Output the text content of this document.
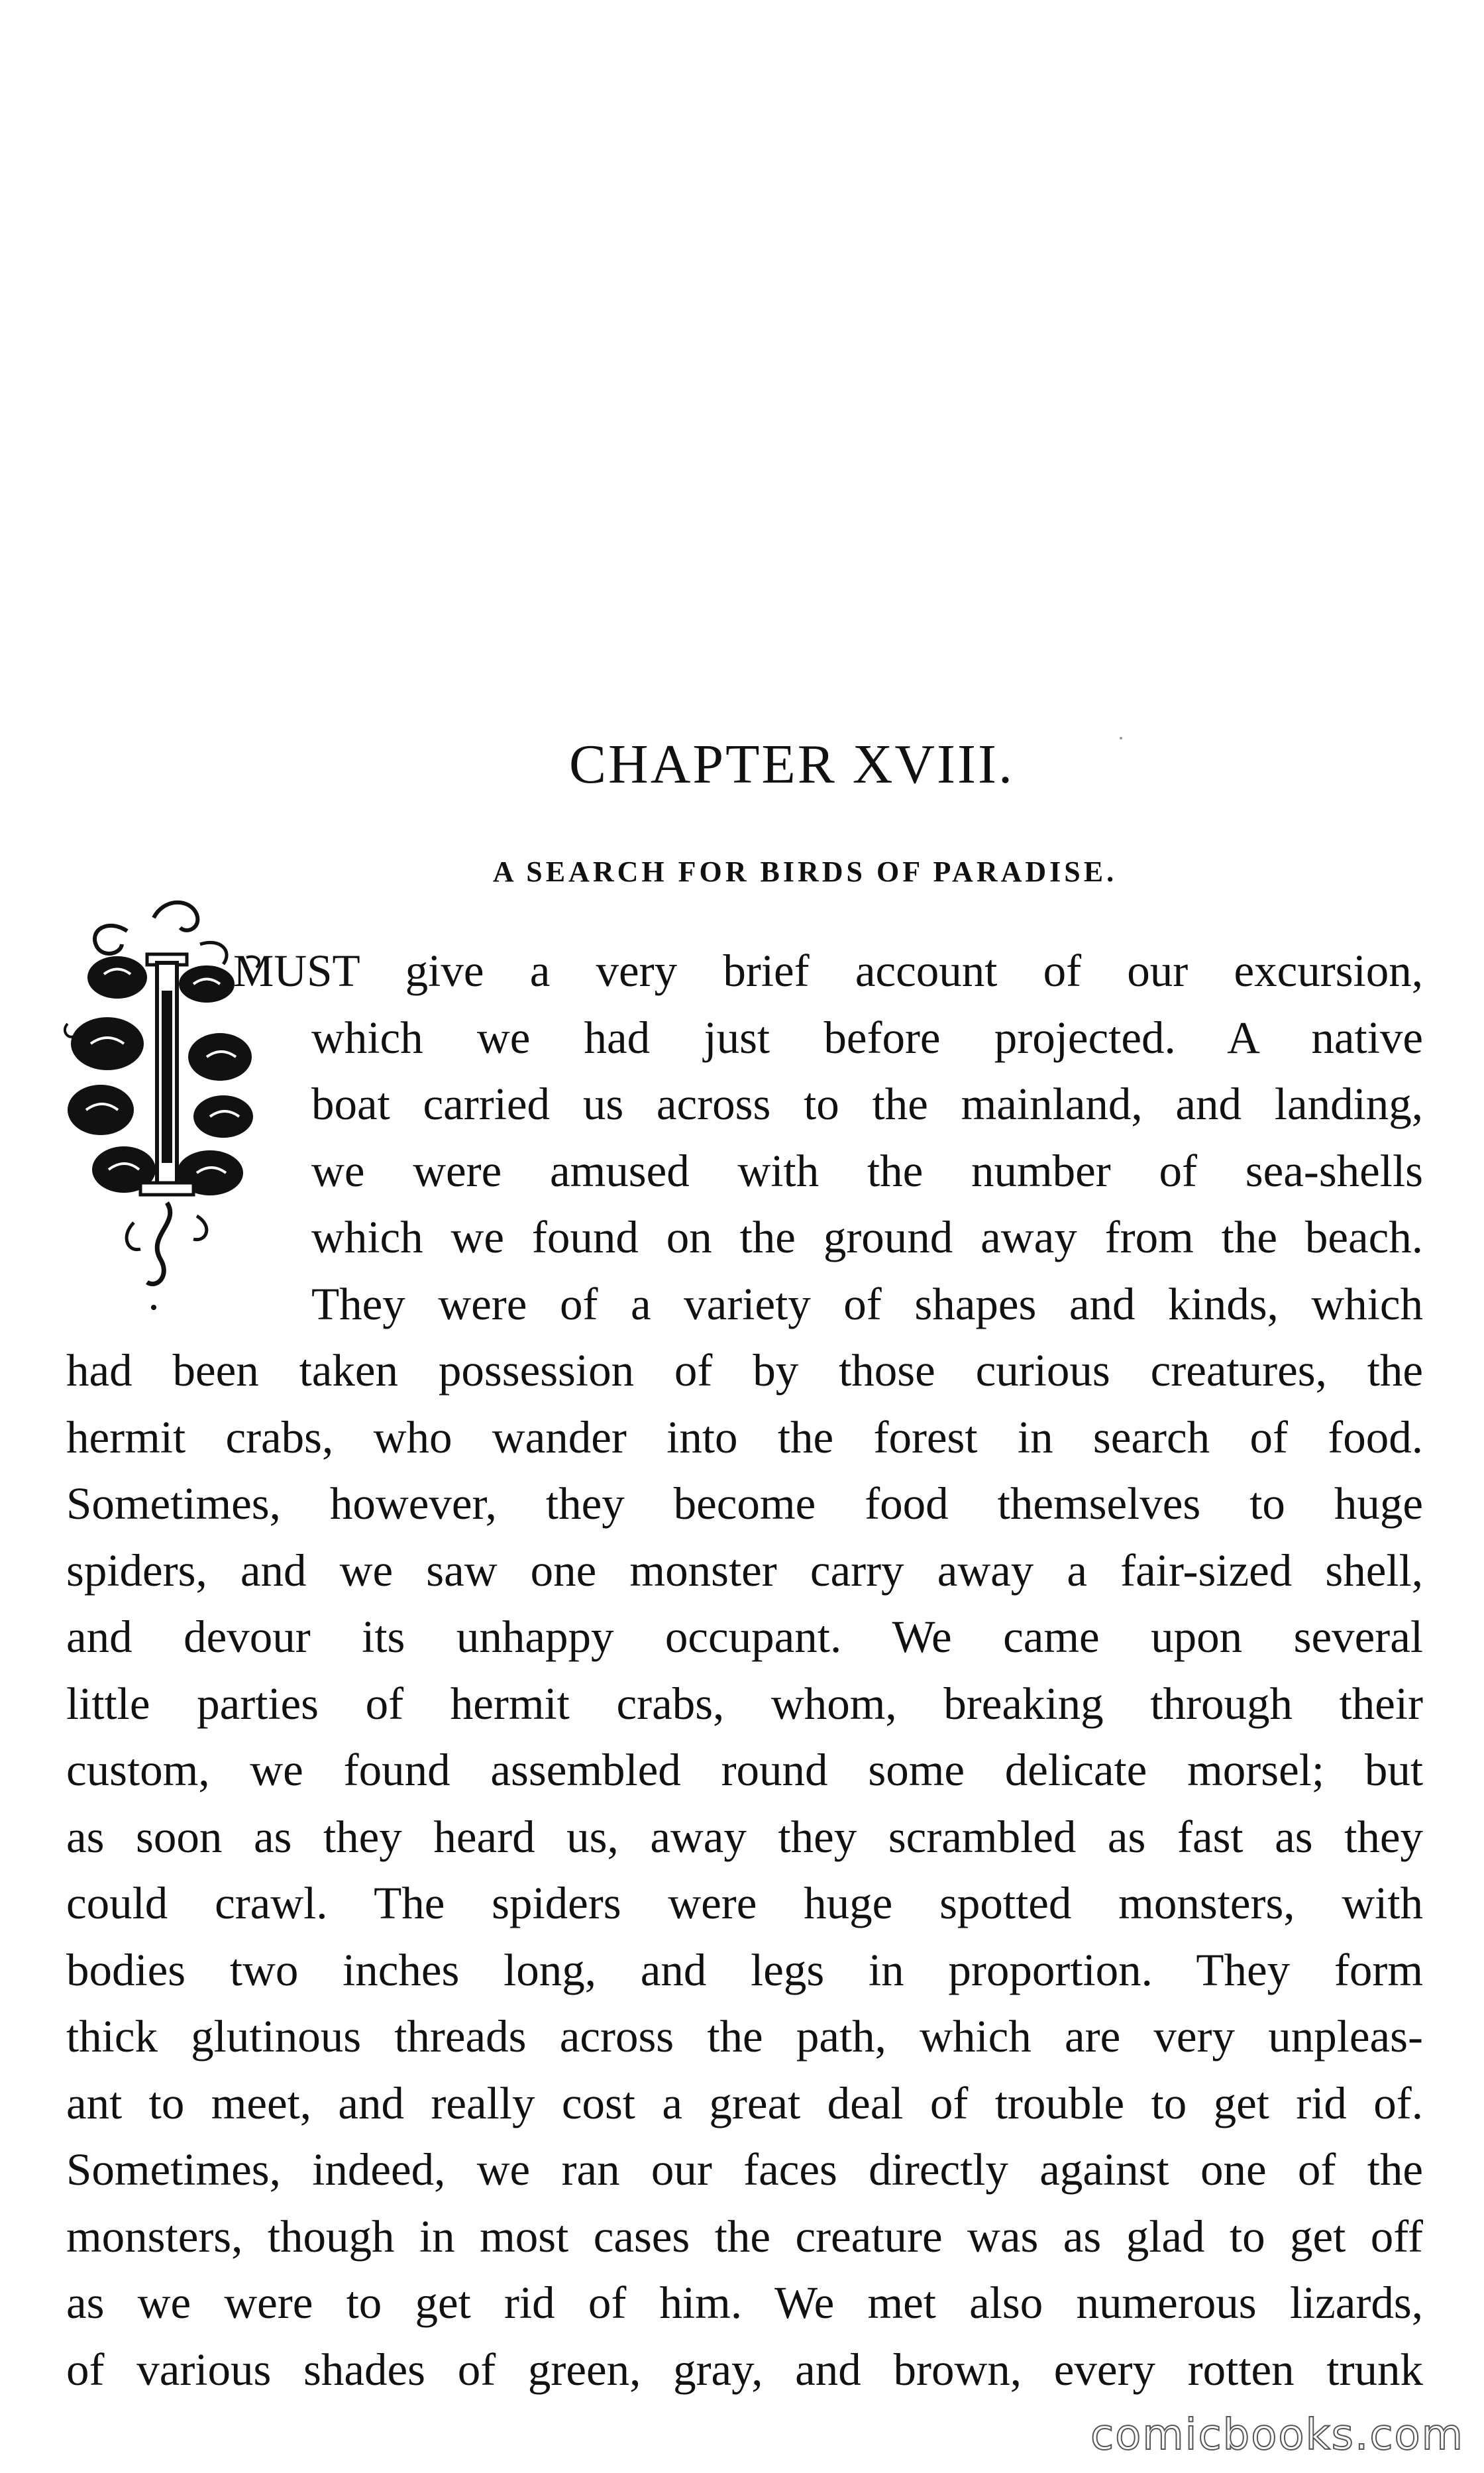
CHAPTER XVIII.
A SEARCH FOR BIRDS OF PARADISE.
MUST give a very brief account of our excursion,
which we had just before projected. A native
boat carried us across to the mainland, and landing,
we were amused with the number of sea-shells
which we found on the ground away from the beach.
They were of a variety of shapes and kinds, which
had been taken possession of by those curious creatures, the
hermit crabs, who wander into the forest in search of food.
Sometimes, however, they become food themselves to huge
spiders, and we saw one monster carry away a fair-sized shell,
and devour its unhappy occupant. We came upon several
little parties of hermit crabs, whom, breaking through their
custom, we found assembled round some delicate morsel; but
as soon as they heard us, away they scrambled as fast as they
could crawl. The spiders were huge spotted monsters, with
bodies two inches long, and legs in proportion. They form
thick glutinous threads across the path, which are very unpleas-
ant to meet, and really cost a great deal of trouble to get rid of.
Sometimes, indeed, we ran our faces directly against one of the
monsters, though in most cases the creature was as glad to get off
as we were to get rid of him. We met also numerous lizards,
of various shades of green, gray, and brown, every rotten trunk
comicbooks.com
